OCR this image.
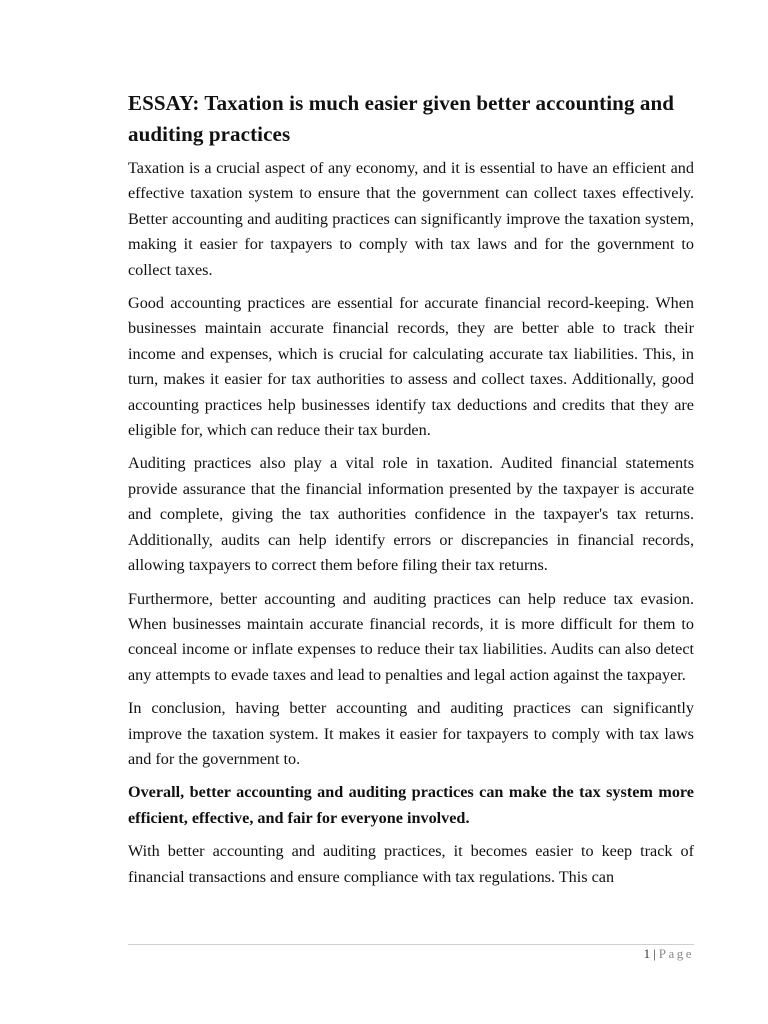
ESSAY: Taxation is much easier given better accounting and auditing practices

Taxation is a crucial aspect of any economy, and it is essential to have an efficient and effective taxation system to ensure that the government can collect taxes effectively. Better accounting and auditing practices can significantly improve the taxation system, making it easier for taxpayers to comply with tax laws and for the government to collect taxes.

Good accounting practices are essential for accurate financial record-keeping. When businesses maintain accurate financial records, they are better able to track their income and expenses, which is crucial for calculating accurate tax liabilities. This, in turn, makes it easier for tax authorities to assess and collect taxes. Additionally, good accounting practices help businesses identify tax deductions and credits that they are eligible for, which can reduce their tax burden.

Auditing practices also play a vital role in taxation. Audited financial statements provide assurance that the financial information presented by the taxpayer is accurate and complete, giving the tax authorities confidence in the taxpayer's tax returns. Additionally, audits can help identify errors or discrepancies in financial records, allowing taxpayers to correct them before filing their tax returns.

Furthermore, better accounting and auditing practices can help reduce tax evasion. When businesses maintain accurate financial records, it is more difficult for them to conceal income or inflate expenses to reduce their tax liabilities. Audits can also detect any attempts to evade taxes and lead to penalties and legal action against the taxpayer.

In conclusion, having better accounting and auditing practices can significantly improve the taxation system. It makes it easier for taxpayers to comply with tax laws and for the government to.

Overall, better accounting and auditing practices can make the tax system more efficient, effective, and fair for everyone involved.

With better accounting and auditing practices, it becomes easier to keep track of financial transactions and ensure compliance with tax regulations. This can

1 | Page
